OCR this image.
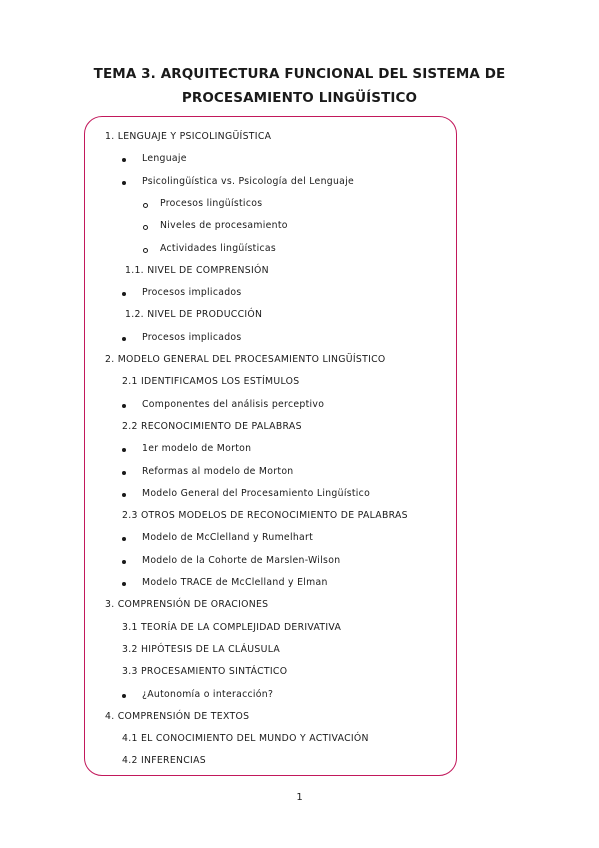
TEMA 3. ARQUITECTURA FUNCIONAL DEL SISTEMA DE PROCESAMIENTO LINGÜÍSTICO
1. LENGUAJE Y PSICOLINGÜÍSTICA
Lenguaje
Psicolingüística vs. Psicología del Lenguaje
Procesos lingüísticos
Niveles de procesamiento
Actividades lingüísticas
1.1. NIVEL DE COMPRENSIÓN
Procesos implicados
1.2. NIVEL DE PRODUCCIÓN
Procesos implicados
2. MODELO GENERAL DEL PROCESAMIENTO LINGÜÍSTICO
2.1 IDENTIFICAMOS LOS ESTÍMULOS
Componentes del análisis perceptivo
2.2 RECONOCIMIENTO DE PALABRAS
1er modelo de Morton
Reformas al modelo de Morton
Modelo General del Procesamiento Lingüístico
2.3 OTROS MODELOS DE RECONOCIMIENTO DE PALABRAS
Modelo de McClelland y Rumelhart
Modelo de la Cohorte de Marslen-Wilson
Modelo TRACE de McClelland y Elman
3. COMPRENSIÓN DE ORACIONES
3.1 TEORÍA DE LA COMPLEJIDAD DERIVATIVA
3.2 HIPÓTESIS DE LA CLÁUSULA
3.3 PROCESAMIENTO SINTÁCTICO
¿Autonomía o interacción?
4. COMPRENSIÓN DE TEXTOS
4.1 EL CONOCIMIENTO DEL MUNDO Y ACTIVACIÓN
4.2 INFERENCIAS
1
